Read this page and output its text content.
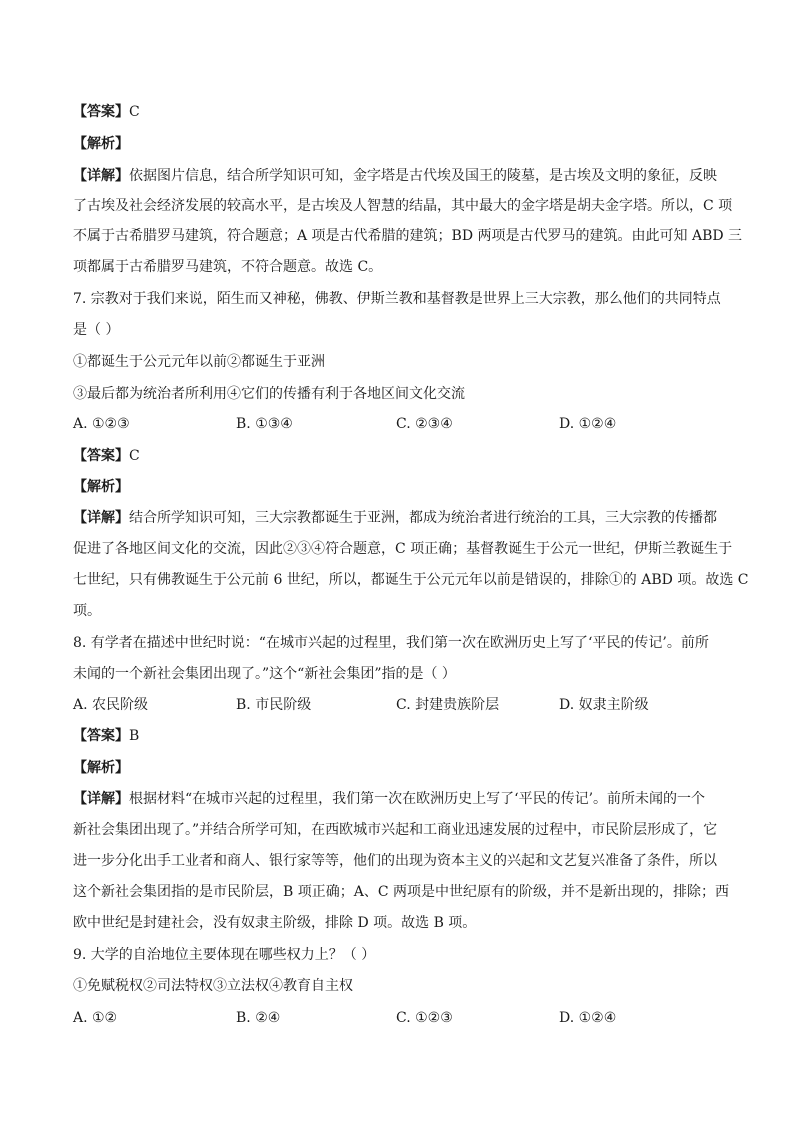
【答案】C
【解析】
【详解】依据图片信息，结合所学知识可知，金字塔是古代埃及国王的陵墓，是古埃及文明的象征，反映
了古埃及社会经济发展的较高水平，是古埃及人智慧的结晶，其中最大的金字塔是胡夫金字塔。所以，C 项
不属于古希腊罗马建筑，符合题意；A 项是古代希腊的建筑；BD 两项是古代罗马的建筑。由此可知 ABD 三
项都属于古希腊罗马建筑，不符合题意。故选 C。
7. 宗教对于我们来说，陌生而又神秘，佛教、伊斯兰教和基督教是世界上三大宗教，那么他们的共同特点
是（ ）
①都诞生于公元元年以前②都诞生于亚洲
③最后都为统治者所利用④它们的传播有利于各地区间文化交流
A. ①②③	B. ①③④	C. ②③④	D. ①②④
【答案】C
【解析】
【详解】结合所学知识可知，三大宗教都诞生于亚洲，都成为统治者进行统治的工具，三大宗教的传播都
促进了各地区间文化的交流，因此②③④符合题意，C 项正确；基督教诞生于公元一世纪，伊斯兰教诞生于
七世纪，只有佛教诞生于公元前 6 世纪，所以，都诞生于公元元年以前是错误的，排除①的 ABD 项。故选 C
项。
8. 有学者在描述中世纪时说：“在城市兴起的过程里，我们第一次在欧洲历史上写了‘平民的传记’。前所
未闻的一个新社会集团出现了。”这个“新社会集团”指的是（ ）
A. 农民阶级	B. 市民阶级	C. 封建贵族阶层	D. 奴隶主阶级
【答案】B
【解析】
【详解】根据材料“在城市兴起的过程里，我们第一次在欧洲历史上写了‘平民的传记’。前所未闻的一个
新社会集团出现了。”并结合所学可知，在西欧城市兴起和工商业迅速发展的过程中，市民阶层形成了，它
进一步分化出手工业者和商人、银行家等等，他们的出现为资本主义的兴起和文艺复兴准备了条件，所以
这个新社会集团指的是市民阶层，B 项正确；A、C 两项是中世纪原有的阶级，并不是新出现的，排除；西
欧中世纪是封建社会，没有奴隶主阶级，排除 D 项。故选 B 项。
9. 大学的自治地位主要体现在哪些权力上？（ ）
①免赋税权②司法特权③立法权④教育自主权
A. ①②	B. ②④	C. ①②③	D. ①②④
